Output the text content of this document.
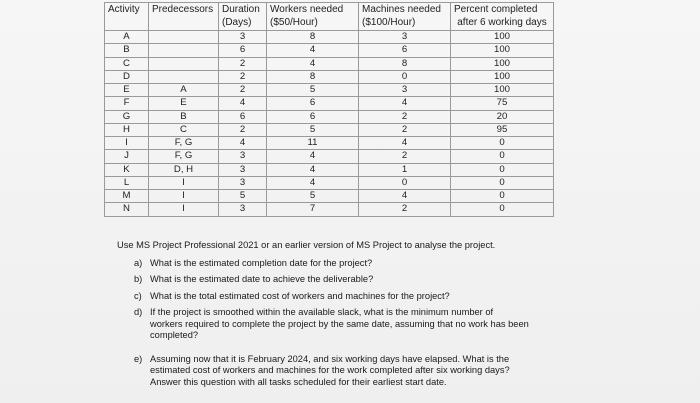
Activity	Predecessors	Duration	Workers needed	Machines needed	Percent completed
		(Days)	($50/Hour)	($100/Hour)	after 6 working days
A		3	8	3	100
B		6	4	6	100
C		2	4	8	100
D		2	8	0	100
E	A	2	5	3	100
F	E	4	6	4	75
G	B	6	6	2	20
H	C	2	5	2	95
I	F, G	4	11	4	0
J	F, G	3	4	2	0
K	D, H	3	4	1	0
L	I	3	4	0	0
M	I	5	5	4	0
N	I	3	7	2	0
Use MS Project Professional 2021 or an earlier version of MS Project to analyse the project.
a) What is the estimated completion date for the project?
b) What is the estimated date to achieve the deliverable?
c) What is the total estimated cost of workers and machines for the project?
d) If the project is smoothed within the available slack, what is the minimum number of
workers required to complete the project by the same date, assuming that no work has been
completed?
e) Assuming now that it is February 2024, and six working days have elapsed. What is the
estimated cost of workers and machines for the work completed after six working days?
Answer this question with all tasks scheduled for their earliest start date.
